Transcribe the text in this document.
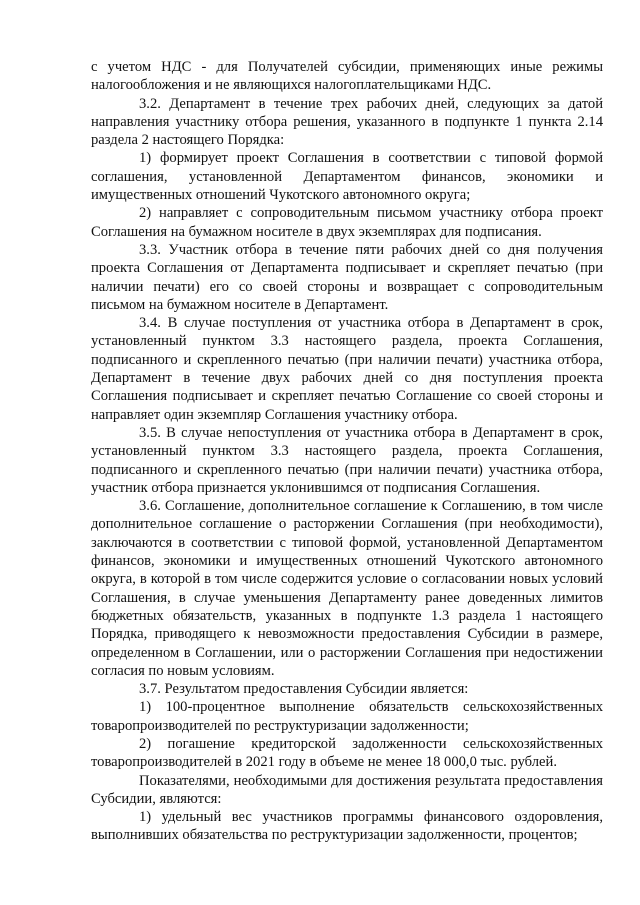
с учетом НДС - для Получателей субсидии, применяющих иные режимы налогообложения и не являющихся налогоплательщиками НДС.

3.2. Департамент в течение трех рабочих дней, следующих за датой направления участнику отбора решения, указанного в подпункте 1 пункта 2.14 раздела 2 настоящего Порядка:

1) формирует проект Соглашения в соответствии с типовой формой соглашения, установленной Департаментом финансов, экономики и имущественных отношений Чукотского автономного округа;

2) направляет с сопроводительным письмом участнику отбора проект Соглашения на бумажном носителе в двух экземплярах для подписания.

3.3. Участник отбора в течение пяти рабочих дней со дня получения проекта Соглашения от Департамента подписывает и скрепляет печатью (при наличии печати) его со своей стороны и возвращает с сопроводительным письмом на бумажном носителе в Департамент.

3.4. В случае поступления от участника отбора в Департамент в срок, установленный пунктом 3.3 настоящего раздела, проекта Соглашения, подписанного и скрепленного печатью (при наличии печати) участника отбора, Департамент в течение двух рабочих дней со дня поступления проекта Соглашения подписывает и скрепляет печатью Соглашение со своей стороны и направляет один экземпляр Соглашения участнику отбора.

3.5. В случае непоступления от участника отбора в Департамент в срок, установленный пунктом 3.3 настоящего раздела, проекта Соглашения, подписанного и скрепленного печатью (при наличии печати) участника отбора, участник отбора признается уклонившимся от подписания Соглашения.

3.6. Соглашение, дополнительное соглашение к Соглашению, в том числе дополнительное соглашение о расторжении Соглашения (при необходимости), заключаются в соответствии с типовой формой, установленной Департаментом финансов, экономики и имущественных отношений Чукотского автономного округа, в которой в том числе содержится условие о согласовании новых условий Соглашения, в случае уменьшения Департаменту ранее доведенных лимитов бюджетных обязательств, указанных в подпункте 1.3 раздела 1 настоящего Порядка, приводящего к невозможности предоставления Субсидии в размере, определенном в Соглашении, или о расторжении Соглашения при недостижении согласия по новым условиям.

3.7. Результатом предоставления Субсидии является:

1) 100-процентное выполнение обязательств сельскохозяйственных товаропроизводителей по реструктуризации задолженности;

2) погашение кредиторской задолженности сельскохозяйственных товаропроизводителей в 2021 году в объеме не менее 18 000,0 тыс. рублей.

Показателями, необходимыми для достижения результата предоставления Субсидии, являются:

1) удельный вес участников программы финансового оздоровления, выполнивших обязательства по реструктуризации задолженности, процентов;
